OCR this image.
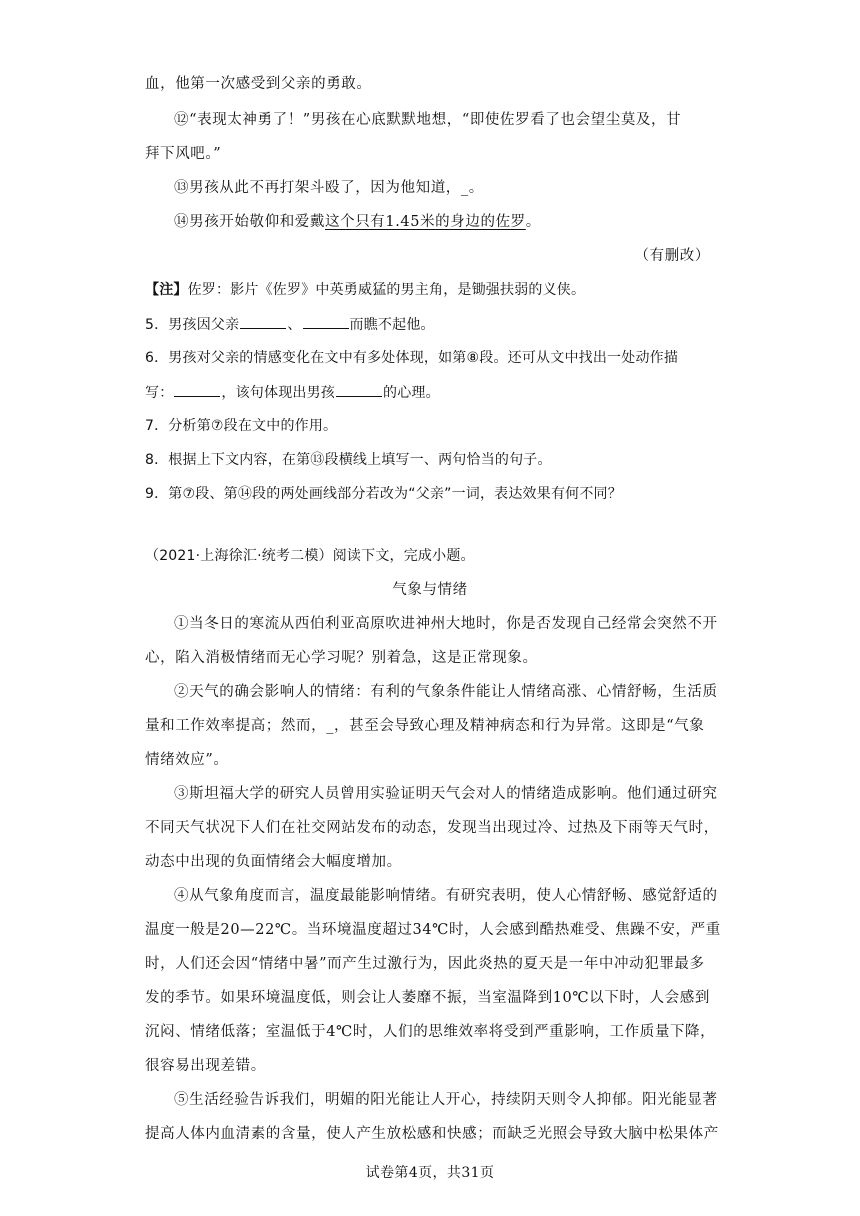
血，他第一次感受到父亲的勇敢。
⑫“表现太神勇了！”男孩在心底默默地想，“即使佐罗看了也会望尘莫及，甘
拜下风吧。”
⑬男孩从此不再打架斗殴了，因为他知道，_。
⑭男孩开始敬仰和爱戴这个只有1.45米的身边的佐罗。
（有删改）
【注】佐罗：影片《佐罗》中英勇威猛的男主角，是锄强扶弱的义侠。
5．男孩因父亲	、	而瞧不起他。
6．男孩对父亲的情感变化在文中有多处体现，如第⑧段。还可从文中找出一处动作描
写：	，该句体现出男孩	的心理。
7．分析第⑦段在文中的作用。
8．根据上下文内容，在第⑬段横线上填写一、两句恰当的句子。
9．第⑦段、第⑭段的两处画线部分若改为“父亲”一词，表达效果有何不同？
（2021·上海徐汇·统考二模）阅读下文，完成小题。
气象与情绪
①当冬日的寒流从西伯利亚高原吹进神州大地时，你是否发现自己经常会突然不开
心，陷入消极情绪而无心学习呢？别着急，这是正常现象。
②天气的确会影响人的情绪：有利的气象条件能让人情绪高涨、心情舒畅，生活质
量和工作效率提高；然而，_，甚至会导致心理及精神病态和行为异常。这即是“气象
情绪效应”。
③斯坦福大学的研究人员曾用实验证明天气会对人的情绪造成影响。他们通过研究
不同天气状况下人们在社交网站发布的动态，发现当出现过冷、过热及下雨等天气时，
动态中出现的负面情绪会大幅度增加。
④从气象角度而言，温度最能影响情绪。有研究表明，使人心情舒畅、感觉舒适的
温度一般是20—22℃。当环境温度超过34℃时，人会感到酷热难受、焦躁不安，严重
时，人们还会因“情绪中暑”而产生过激行为，因此炎热的夏天是一年中冲动犯罪最多
发的季节。如果环境温度低，则会让人萎靡不振，当室温降到10℃以下时，人会感到
沉闷、情绪低落；室温低于4℃时，人们的思维效率将受到严重影响，工作质量下降，
很容易出现差错。
⑤生活经验告诉我们，明媚的阳光能让人开心，持续阴天则令人抑郁。阳光能显著
提高人体内血清素的含量，使人产生放松感和快感；而缺乏光照会导致大脑中松果体产
试卷第4页，共31页
